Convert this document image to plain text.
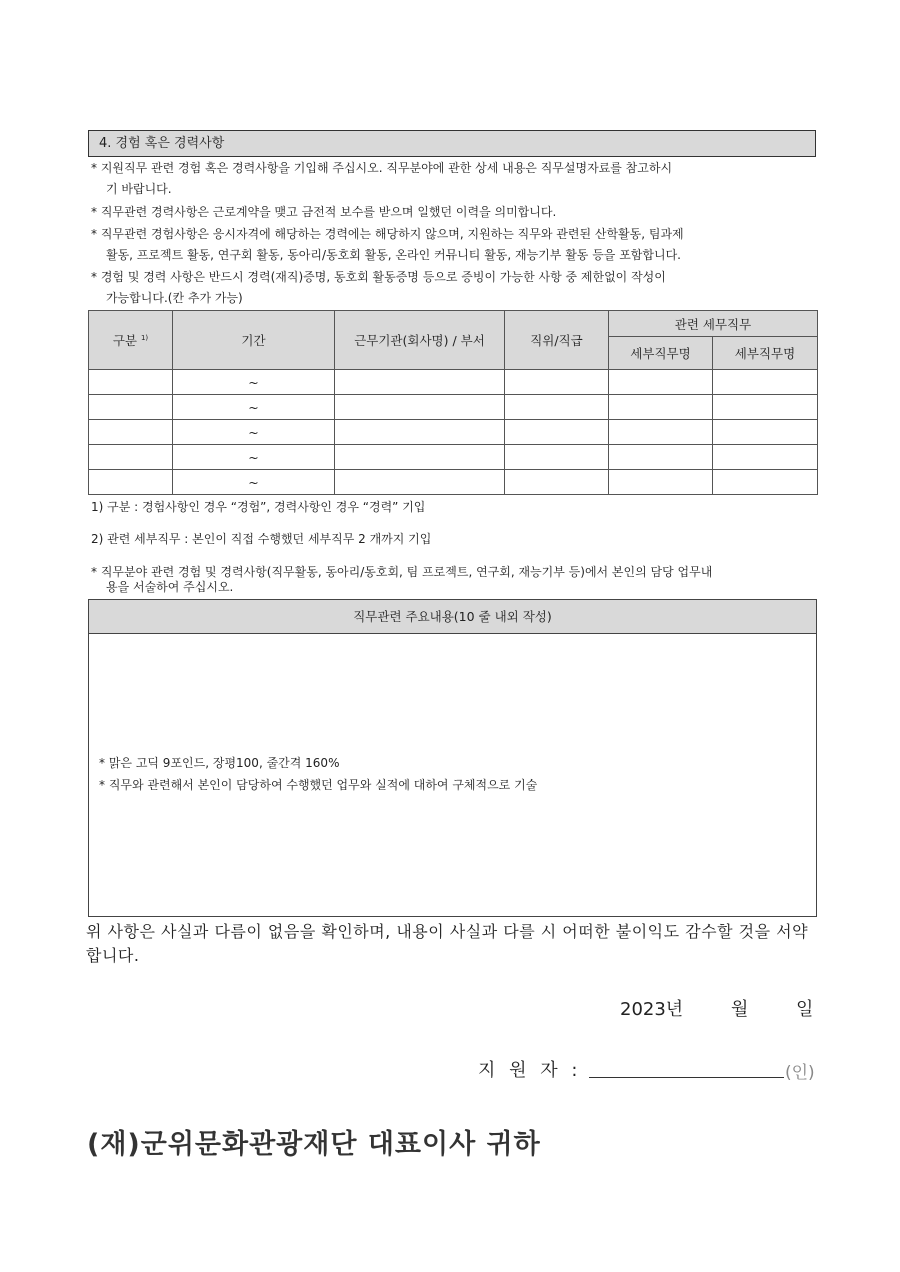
4. 경험 혹은 경력사항
* 지원직무 관련 경험 혹은 경력사항을 기입해 주십시오. 직무분야에 관한 상세 내용은 직무설명자료를 참고하시
기 바랍니다.
* 직무관련 경력사항은 근로계약을 맺고 금전적 보수를 받으며 일했던 이력을 의미합니다.
* 직무관련 경험사항은 응시자격에 해당하는 경력에는 해당하지 않으며, 지원하는 직무와 관련된 산학활동, 팀과제
활동, 프로젝트 활동, 연구회 활동, 동아리/동호회 활동, 온라인 커뮤니티 활동, 재능기부 활동 등을 포함합니다.
* 경험 및 경력 사항은 반드시 경력(재직)증명, 동호회 활동증명 등으로 증빙이 가능한 사항 중 제한없이 작성이
가능합니다.(칸 추가 가능)
구분 $^{1)}$	기간	근무기관(회사명) / 부서	직위/직급	관련 세무직무	
				세부직무명	세부직무명
	~				
	~				
	~				
	~				
	~				
1) 구분 : 경험사항인 경우 “경험”, 경력사항인 경우 “경력” 기입
2) 관련 세부직무 : 본인이 직접 수행했던 세부직무 2 개까지 기입
* 직무분야 관련 경험 및 경력사항(직무활동, 동아리/동호회, 팀 프로젝트, 연구회, 재능기부 등)에서 본인의 담당 업무내
용을 서술하여 주십시오.
직무관련 주요내용(10 줄 내외 작성)
* 맑은 고딕 9포인드, 장평100, 줄간격 160%
* 직무와 관련해서 본인이 담당하여 수행했던 업무와 실적에 대하여 구체적으로 기술
위 사항은 사실과 다름이 없음을 확인하며, 내용이 사실과 다를 시 어떠한 불이익도 감수할 것을 서약합니다.
2023년	월	일
지 원 자 :	(인)
(재)군위문화관광재단 대표이사 귀하
